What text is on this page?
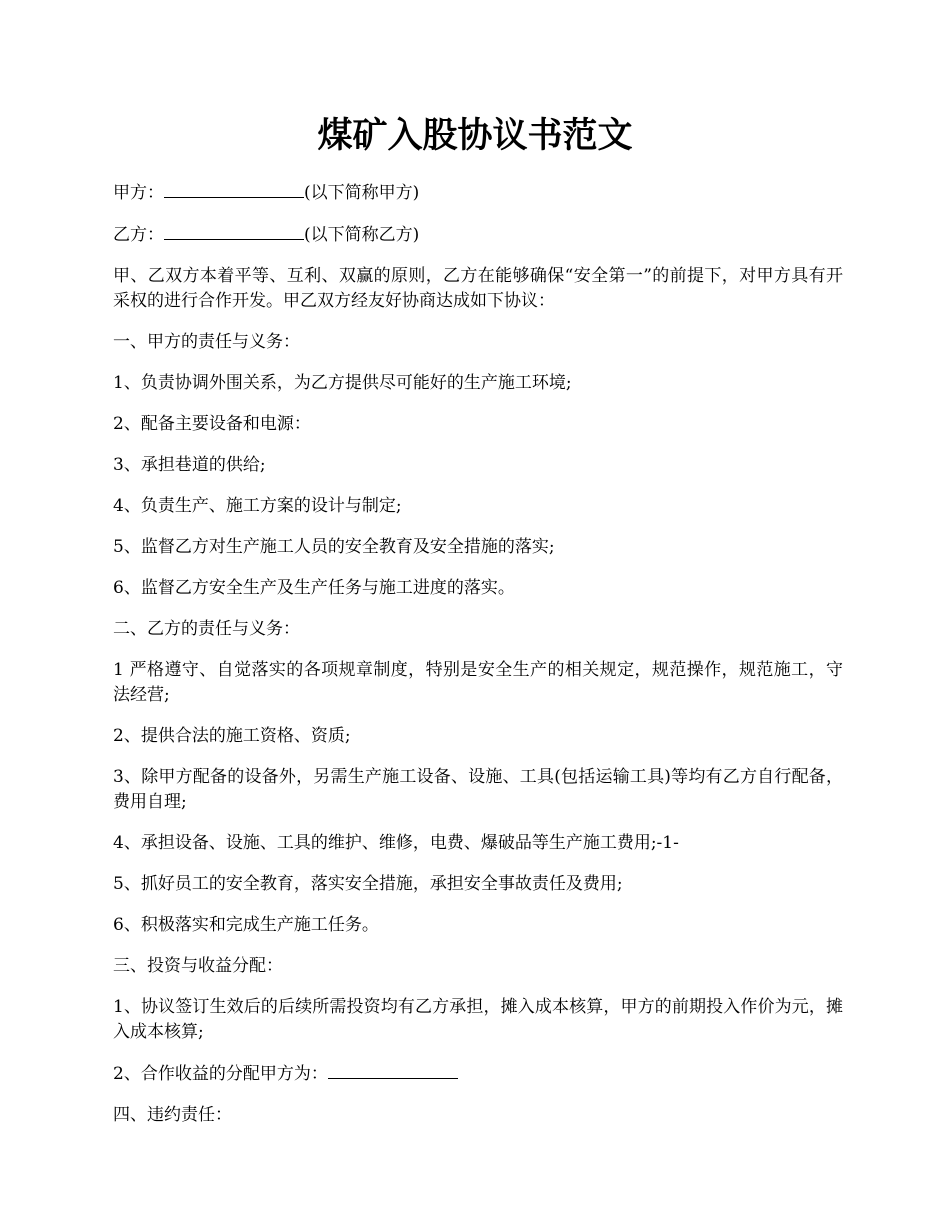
煤矿入股协议书范文

甲方：	(以下简称甲方)

乙方：	(以下简称乙方)

甲、乙双方本着平等、互利、双赢的原则，乙方在能够确保“安全第一”的前提下，对甲方具有开采权的进行合作开发。甲乙双方经友好协商达成如下协议：

一、甲方的责任与义务：

1、负责协调外围关系，为乙方提供尽可能好的生产施工环境;

2、配备主要设备和电源：

3、承担巷道的供给;

4、负责生产、施工方案的设计与制定;

5、监督乙方对生产施工人员的安全教育及安全措施的落实;

6、监督乙方安全生产及生产任务与施工进度的落实。

二、乙方的责任与义务：

1 严格遵守、自觉落实的各项规章制度，特别是安全生产的相关规定，规范操作，规范施工，守法经营;

2、提供合法的施工资格、资质;

3、除甲方配备的设备外，另需生产施工设备、设施、工具(包括运输工具)等均有乙方自行配备，费用自理;

4、承担设备、设施、工具的维护、维修，电费、爆破品等生产施工费用;-1-

5、抓好员工的安全教育，落实安全措施，承担安全事故责任及费用;

6、积极落实和完成生产施工任务。

三、投资与收益分配：

1、协议签订生效后的后续所需投资均有乙方承担，摊入成本核算，甲方的前期投入作价为元，摊入成本核算;

2、合作收益的分配甲方为：

四、违约责任：
